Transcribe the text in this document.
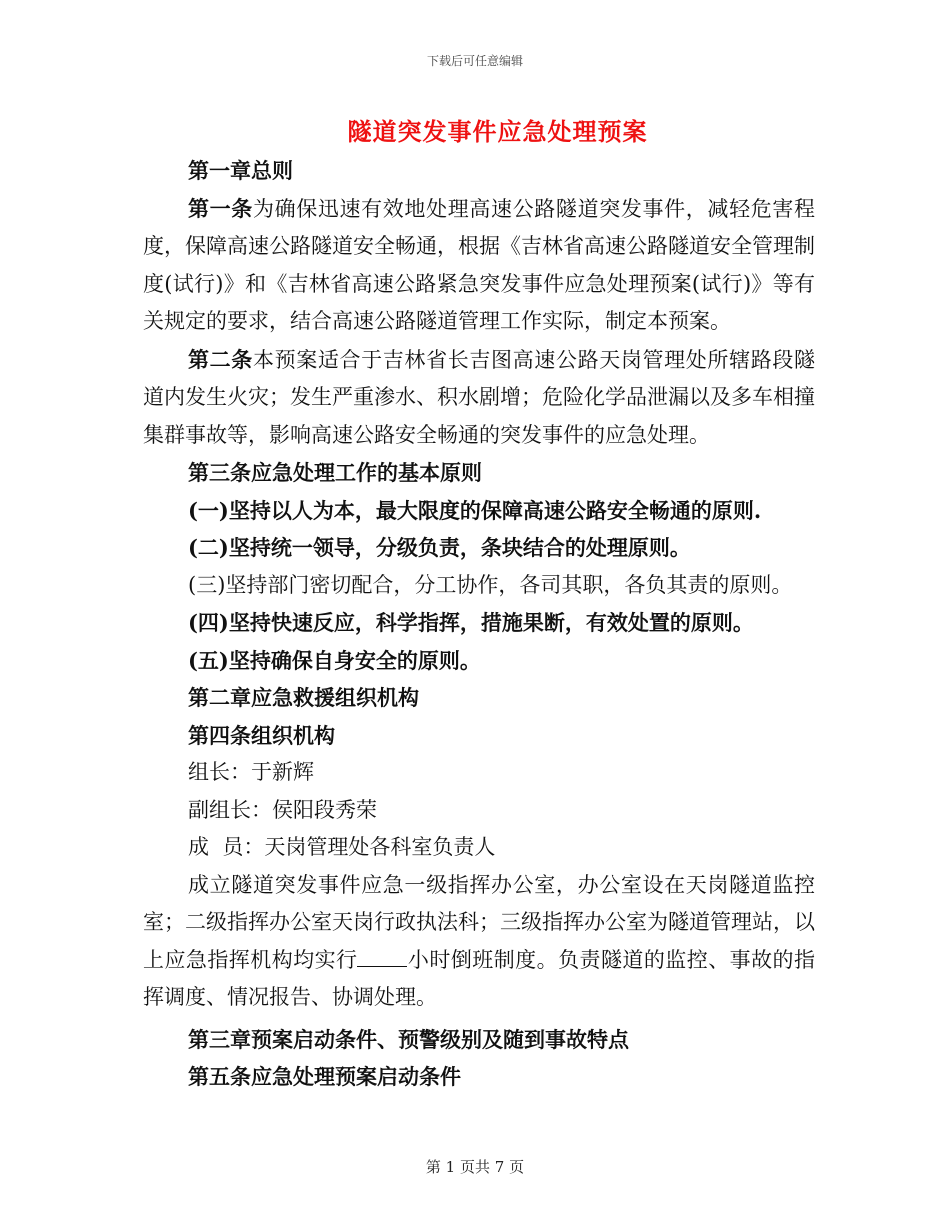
下载后可任意编辑
隧道突发事件应急处理预案

第一章总则

第一条为确保迅速有效地处理高速公路隧道突发事件，减轻危害程度，保障高速公路隧道安全畅通，根据《吉林省高速公路隧道安全管理制度(试行)》和《吉林省高速公路紧急突发事件应急处理预案(试行)》等有关规定的要求，结合高速公路隧道管理工作实际，制定本预案。

第二条本预案适合于吉林省长吉图高速公路天岗管理处所辖路段隧道内发生火灾；发生严重渗水、积水剧增；危险化学品泄漏以及多车相撞集群事故等，影响高速公路安全畅通的突发事件的应急处理。

第三条应急处理工作的基本原则

(一)坚持以人为本，最大限度的保障高速公路安全畅通的原则.

(二)坚持统一领导，分级负责，条块结合的处理原则。

(三)坚持部门密切配合，分工协作，各司其职，各负其责的原则。

(四)坚持快速反应，科学指挥，措施果断，有效处置的原则。

(五)坚持确保自身安全的原则。

第二章应急救援组织机构

第四条组织机构

组长：于新辉

副组长：侯阳段秀荣

成  员：天岗管理处各科室负责人

成立隧道突发事件应急一级指挥办公室，办公室设在天岗隧道监控室；二级指挥办公室天岗行政执法科；三级指挥办公室为隧道管理站，以上应急指挥机构均实行 小时倒班制度。负责隧道的监控、事故的指挥调度、情况报告、协调处理。

第三章预案启动条件、预警级别及随到事故特点

第五条应急处理预案启动条件

第 1 页共 7 页
